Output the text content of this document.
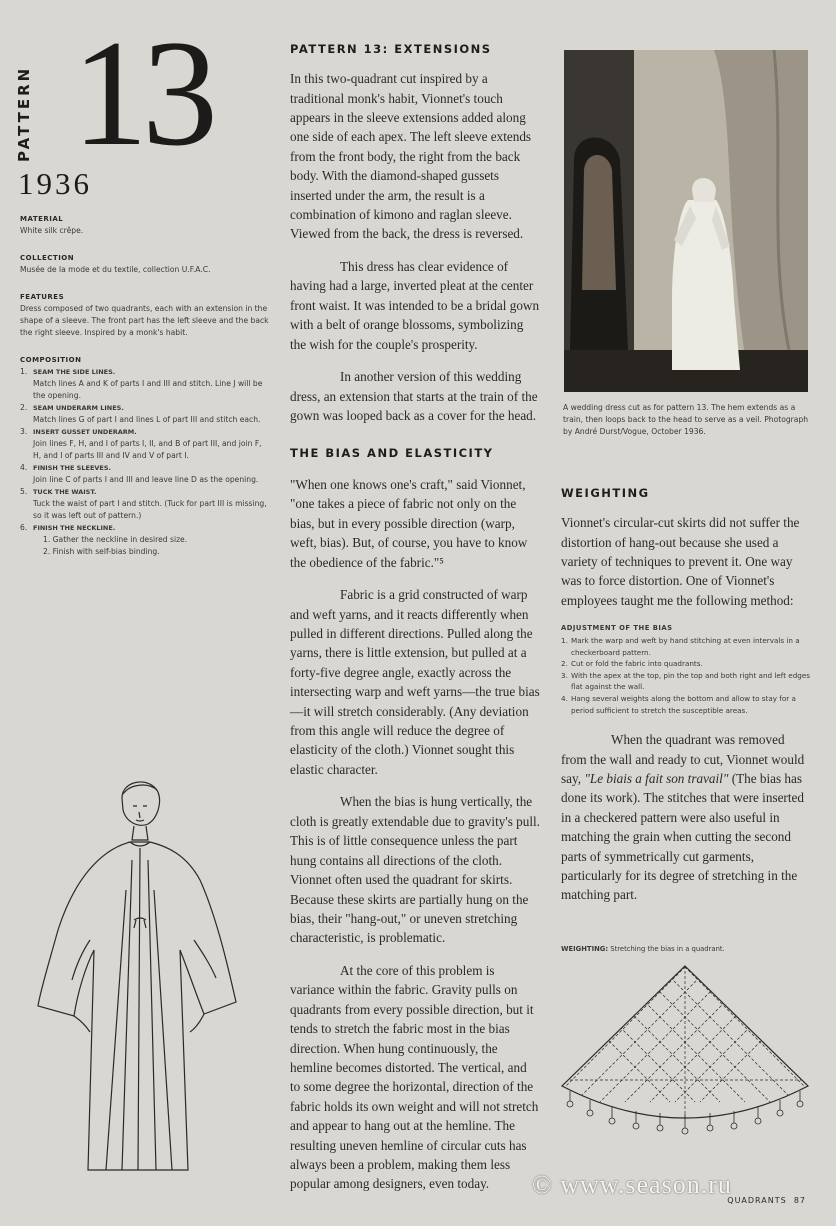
PATTERN 13
1936
MATERIAL

White silk crêpe.

COLLECTION

Musée de la mode et du textile, collection U.F.A.C.

FEATURES

Dress composed of two quadrants, each with an extension in the shape of a sleeve. The front part has the left sleeve and the back the right sleeve. Inspired by a monk's habit.

COMPOSITION
1. SEAM THE SIDE LINES.
Match lines A and K of parts I and III and stitch. Line J will be the opening.
2. SEAM UNDERARM LINES.
Match lines G of part I and lines L of part III and stitch each.
3. INSERT GUSSET UNDERARM.
Join lines F, H, and I of parts I, II, and B of part III, and join F, H, and I of parts III and IV and V of part I.
4. FINISH THE SLEEVES.
Join line C of parts I and III and leave line D as the opening.
5. TUCK THE WAIST.
Tuck the waist of part I and stitch. (Tuck for part III is missing, so it was left out of pattern.)
6. FINISH THE NECKLINE.
1. Gather the neckline in desired size.
2. Finish with self-bias binding.
PATTERN 13: EXTENSIONS

In this two-quadrant cut inspired by a traditional monk's habit, Vionnet's touch appears in the sleeve extensions added along one side of each apex. The left sleeve extends from the front body, the right from the back body. With the diamond-shaped gussets inserted under the arm, the result is a combination of kimono and raglan sleeve. Viewed from the back, the dress is reversed.

This dress has clear evidence of having had a large, inverted pleat at the center front waist. It was intended to be a bridal gown with a belt of orange blossoms, symbolizing the wish for the couple's prosperity.

In another version of this wedding dress, an extension that starts at the train of the gown was looped back as a cover for the head.

THE BIAS AND ELASTICITY

"When one knows one's craft," said Vionnet, "one takes a piece of fabric not only on the bias, but in every possible direction (warp, weft, bias). But, of course, you have to know the obedience of the fabric."⁵

Fabric is a grid constructed of warp and weft yarns, and it reacts differently when pulled in different directions. Pulled along the yarns, there is little extension, but pulled at a forty-five degree angle, exactly across the intersecting warp and weft yarns—the true bias—it will stretch considerably. (Any deviation from this angle will reduce the degree of elasticity of the cloth.) Vionnet sought this elastic character.

When the bias is hung vertically, the cloth is greatly extendable due to gravity's pull. This is of little consequence unless the part hung contains all directions of the cloth. Vionnet often used the quadrant for skirts. Because these skirts are partially hung on the bias, their "hang-out," or uneven stretching characteristic, is problematic.

At the core of this problem is variance within the fabric. Gravity pulls on quadrants from every possible direction, but it tends to stretch the fabric most in the bias direction. When hung continuously, the hemline becomes distorted. The vertical, and to some degree the horizontal, direction of the fabric holds its own weight and will not stretch and appear to hang out at the hemline. The resulting uneven hemline of circular cuts has always been a problem, making them less popular among designers, even today.

A wedding dress cut as for pattern 13. The hem extends as a train, then loops back to the head to serve as a veil. Photograph by André Durst/Vogue, October 1936.

WEIGHTING

Vionnet's circular-cut skirts did not suffer the distortion of hang-out because she used a variety of techniques to prevent it. One way was to force distortion. One of Vionnet's employees taught me the following method:

ADJUSTMENT OF THE BIAS
1. Mark the warp and weft by hand stitching at even intervals in a checkerboard pattern.
2. Cut or fold the fabric into quadrants.
3. With the apex at the top, pin the top and both right and left edges flat against the wall.
4. Hang several weights along the bottom and allow to stay for a period sufficient to stretch the susceptible areas.

When the quadrant was removed from the wall and ready to cut, Vionnet would say, "Le biais a fait son travail" (The bias has done its work). The stitches that were inserted in a checkered pattern were also useful in matching the grain when cutting the second parts of symmetrically cut garments, particularly for its degree of stretching in the matching part.

WEIGHTING: Stretching the bias in a quadrant.
QUADRANTS 87
© www.season.ru
